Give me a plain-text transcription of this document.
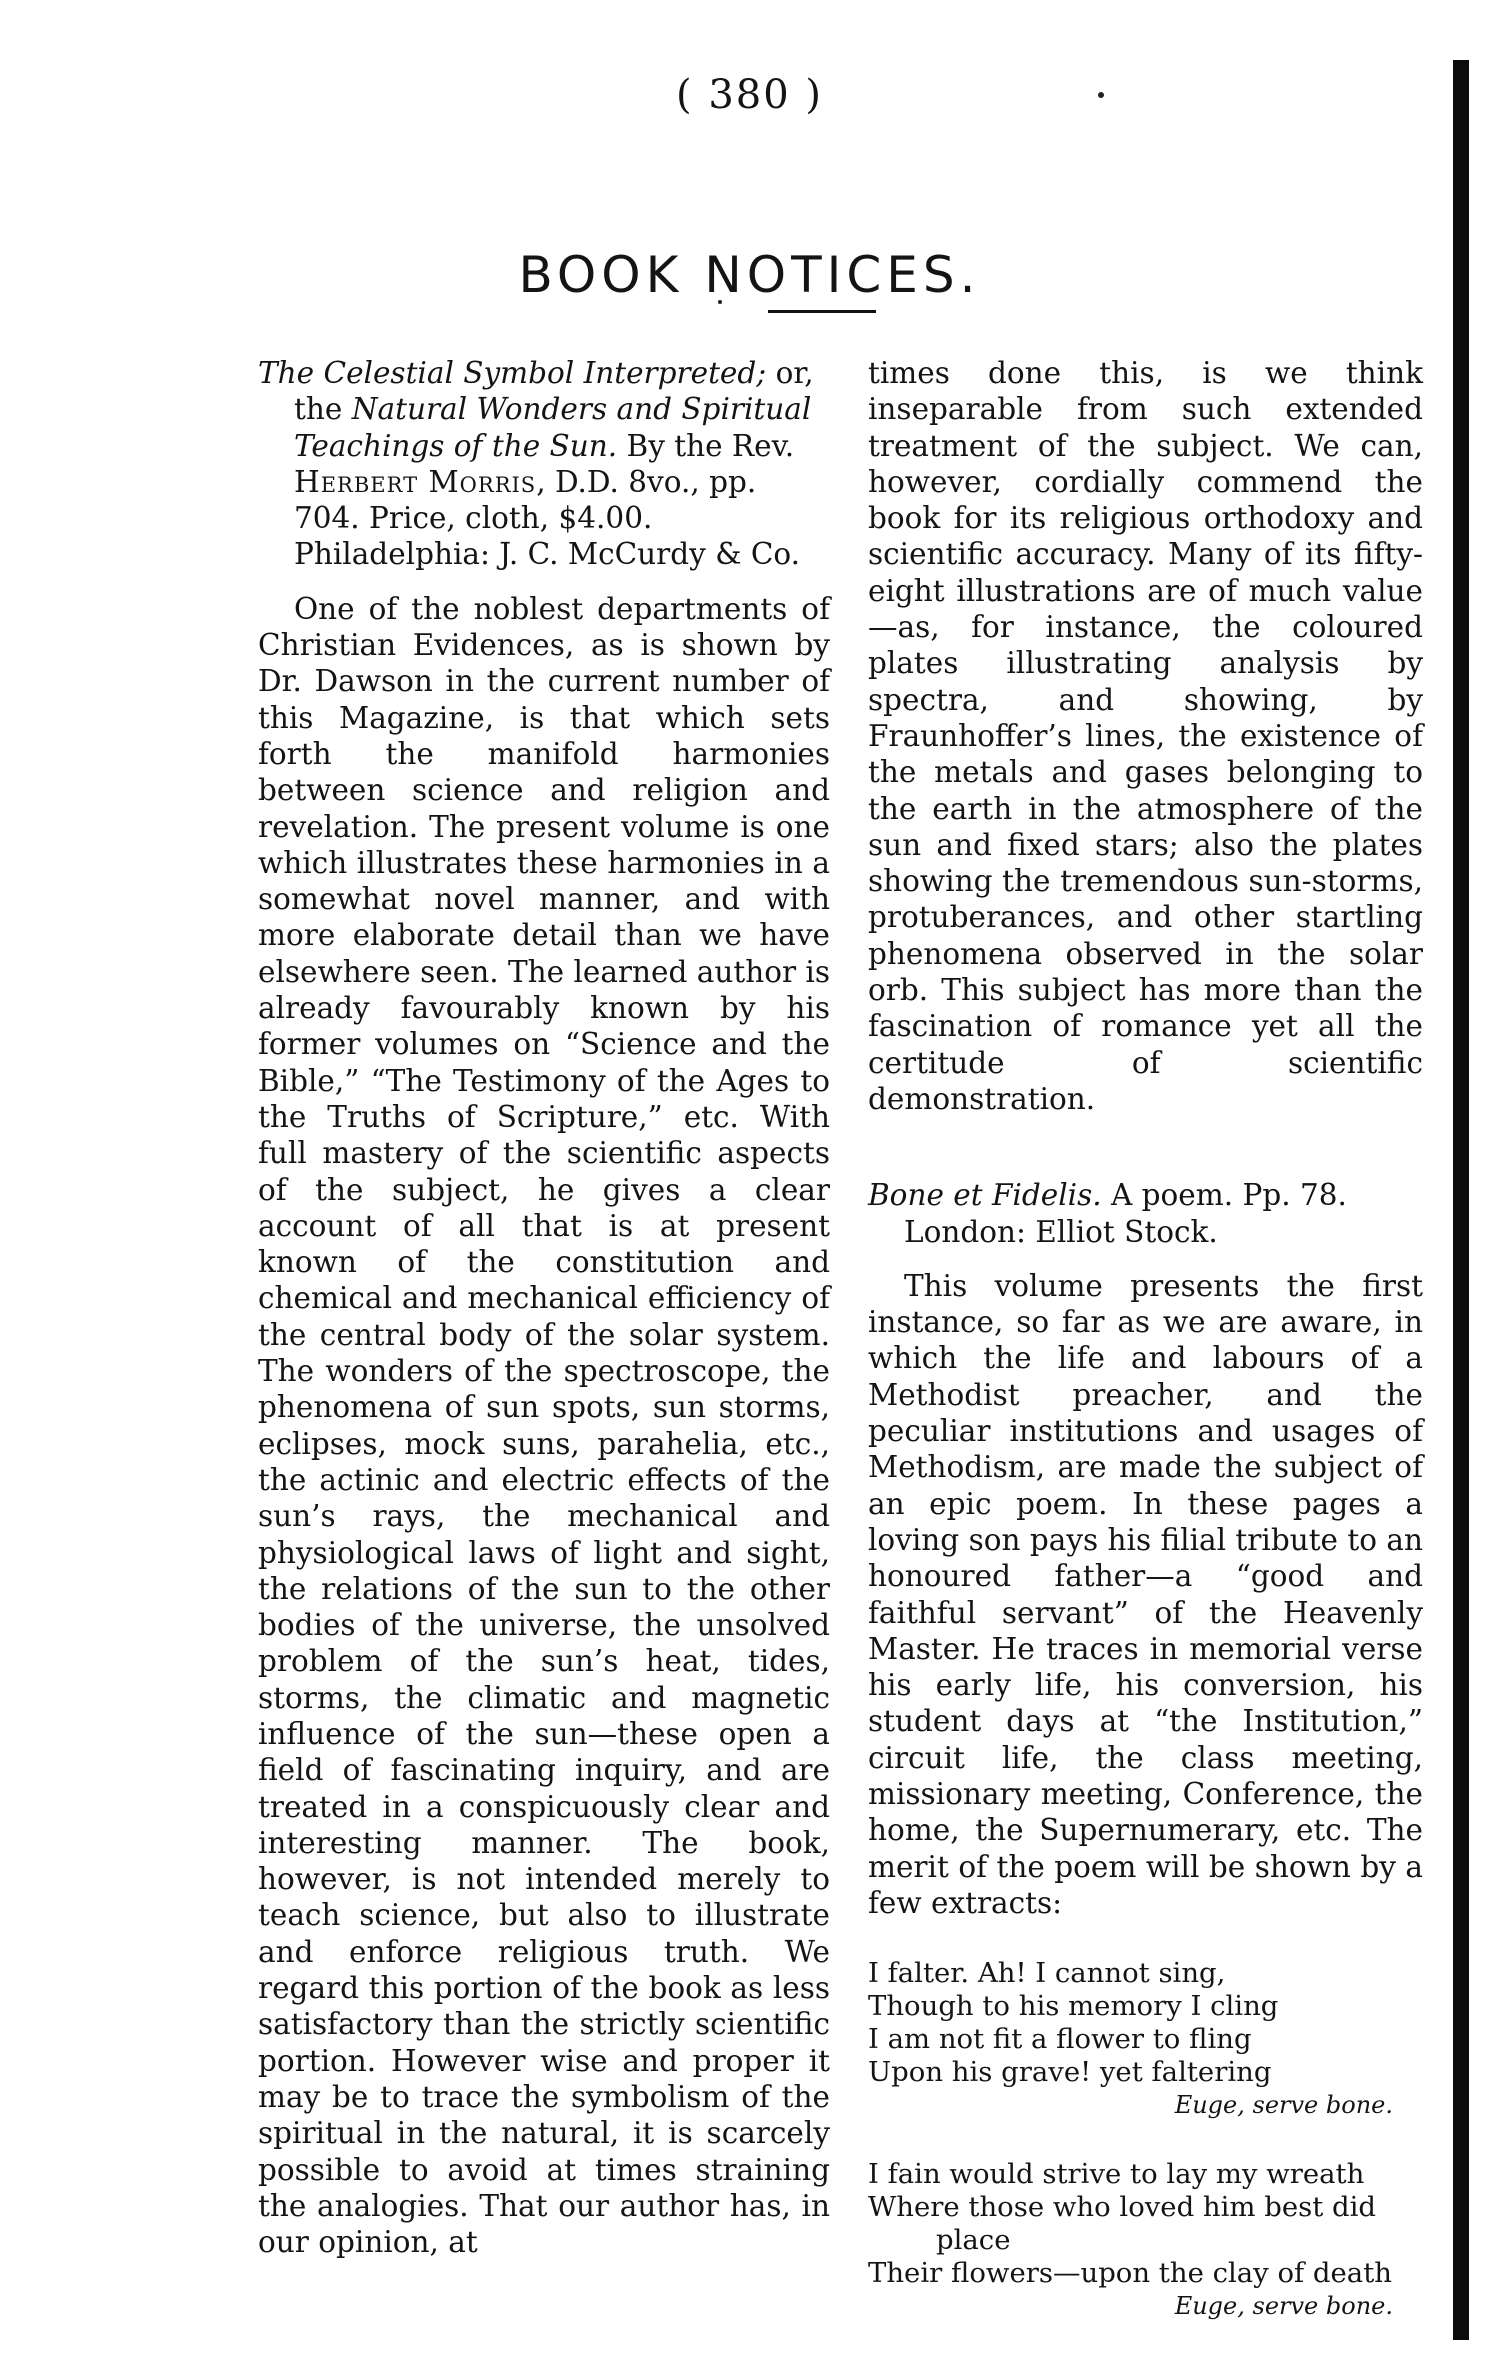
( 380 )
BOOK NOTICES.

The Celestial Symbol Interpreted; or, the Natural Wonders and Spiritual Teachings of the Sun. By the Rev. Herbert Morris, D.D. 8vo., pp. 704. Price, cloth, $4.00. Philadelphia: J. C. McCurdy & Co.

One of the noblest departments of Christian Evidences, as is shown by Dr. Dawson in the current number of this Magazine, is that which sets forth the manifold harmonies between science and religion and revelation. The present volume is one which illustrates these harmonies in a somewhat novel manner, and with more elaborate detail than we have elsewhere seen. The learned author is already favourably known by his former volumes on “Science and the Bible,” “The Testimony of the Ages to the Truths of Scripture,” etc. With full mastery of the scientific aspects of the subject, he gives a clear account of all that is at present known of the constitution and chemical and mechanical efficiency of the central body of the solar system. The wonders of the spectroscope, the phenomena of sun spots, sun storms, eclipses, mock suns, parahelia, etc., the actinic and electric effects of the sun’s rays, the mechanical and physiological laws of light and sight, the relations of the sun to the other bodies of the universe, the unsolved problem of the sun’s heat, tides, storms, the climatic and magnetic influence of the sun—these open a field of fascinating inquiry, and are treated in a conspicuously clear and interesting manner. The book, however, is not intended merely to teach science, but also to illustrate and enforce religious truth. We regard this portion of the book as less satisfactory than the strictly scientific portion. However wise and proper it may be to trace the symbolism of the spiritual in the natural, it is scarcely possible to avoid at times straining the analogies. That our author has, in our opinion, at

times done this, is we think inseparable from such extended treatment of the subject. We can, however, cordially commend the book for its religious orthodoxy and scientific accuracy. Many of its fifty-eight illustrations are of much value—as, for instance, the coloured plates illustrating analysis by spectra, and showing, by Fraunhoffer’s lines, the existence of the metals and gases belonging to the earth in the atmosphere of the sun and fixed stars; also the plates showing the tremendous sun-storms, protuberances, and other startling phenomena observed in the solar orb. This subject has more than the fascination of romance yet all the certitude of scientific demonstration.

Bone et Fidelis. A poem. Pp. 78. London: Elliot Stock.

This volume presents the first instance, so far as we are aware, in which the life and labours of a Methodist preacher, and the peculiar institutions and usages of Methodism, are made the subject of an epic poem. In these pages a loving son pays his filial tribute to an honoured father—a “good and faithful servant” of the Heavenly Master. He traces in memorial verse his early life, his conversion, his student days at “the Institution,” circuit life, the class meeting, missionary meeting, Conference, the home, the Supernumerary, etc. The merit of the poem will be shown by a few extracts:

I falter. Ah! I cannot sing,
Though to his memory I cling
I am not fit a flower to fling
Upon his grave! yet faltering
Euge, serve bone.
I fain would strive to lay my wreath
Where those who loved him best did
place
Their flowers—upon the clay of death
Euge, serve bone.
